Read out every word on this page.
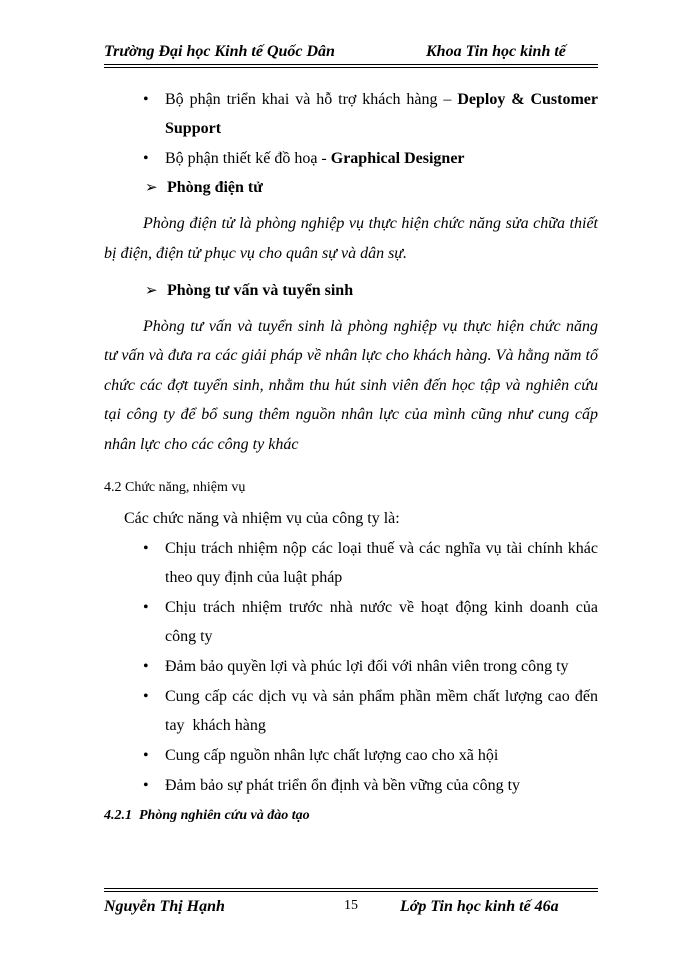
Trường Đại học Kinh tế Quốc Dân	Khoa Tin học kinh tế
• Bộ phận triển khai và hỗ trợ khách hàng – Deploy & Customer
Support
• Bộ phận thiết kế đồ hoạ - Graphical Designer
➢ Phòng điện tử
Phòng điện tử là phòng nghiệp vụ thực hiện chức năng sửa chữa thiết
bị điện, điện tử phục vụ cho quân sự và dân sự.
➢ Phòng tư vấn và tuyển sinh
Phòng tư vấn và tuyển sinh là phòng nghiệp vụ thực hiện chức năng
tư vấn và đưa ra các giải pháp về nhân lực cho khách hàng. Và hằng năm tổ
chức các đợt tuyển sinh, nhằm thu hút sinh viên đến học tập và nghiên cứu
tại công ty để bổ sung thêm nguồn nhân lực của mình cũng như cung cấp
nhân lực cho các công ty khác
4.2 Chức năng, nhiệm vụ
Các chức năng và nhiệm vụ của công ty là:
• Chịu trách nhiệm nộp các loại thuế và các nghĩa vụ tài chính khác
theo quy định của luật pháp
• Chịu trách nhiệm trước nhà nước về hoạt động kinh doanh của
công ty
• Đảm bảo quyền lợi và phúc lợi đối với nhân viên trong công ty
• Cung cấp các dịch vụ và sản phẩm phần mềm chất lượng cao đến
tay  khách hàng
• Cung cấp nguồn nhân lực chất lượng cao cho xã hội
• Đảm bảo sự phát triển ổn định và bền vững của công ty
4.2.1  Phòng nghiên cứu và đào tạo
Nguyễn Thị Hạnh	15	Lớp Tin học kinh tế 46a
